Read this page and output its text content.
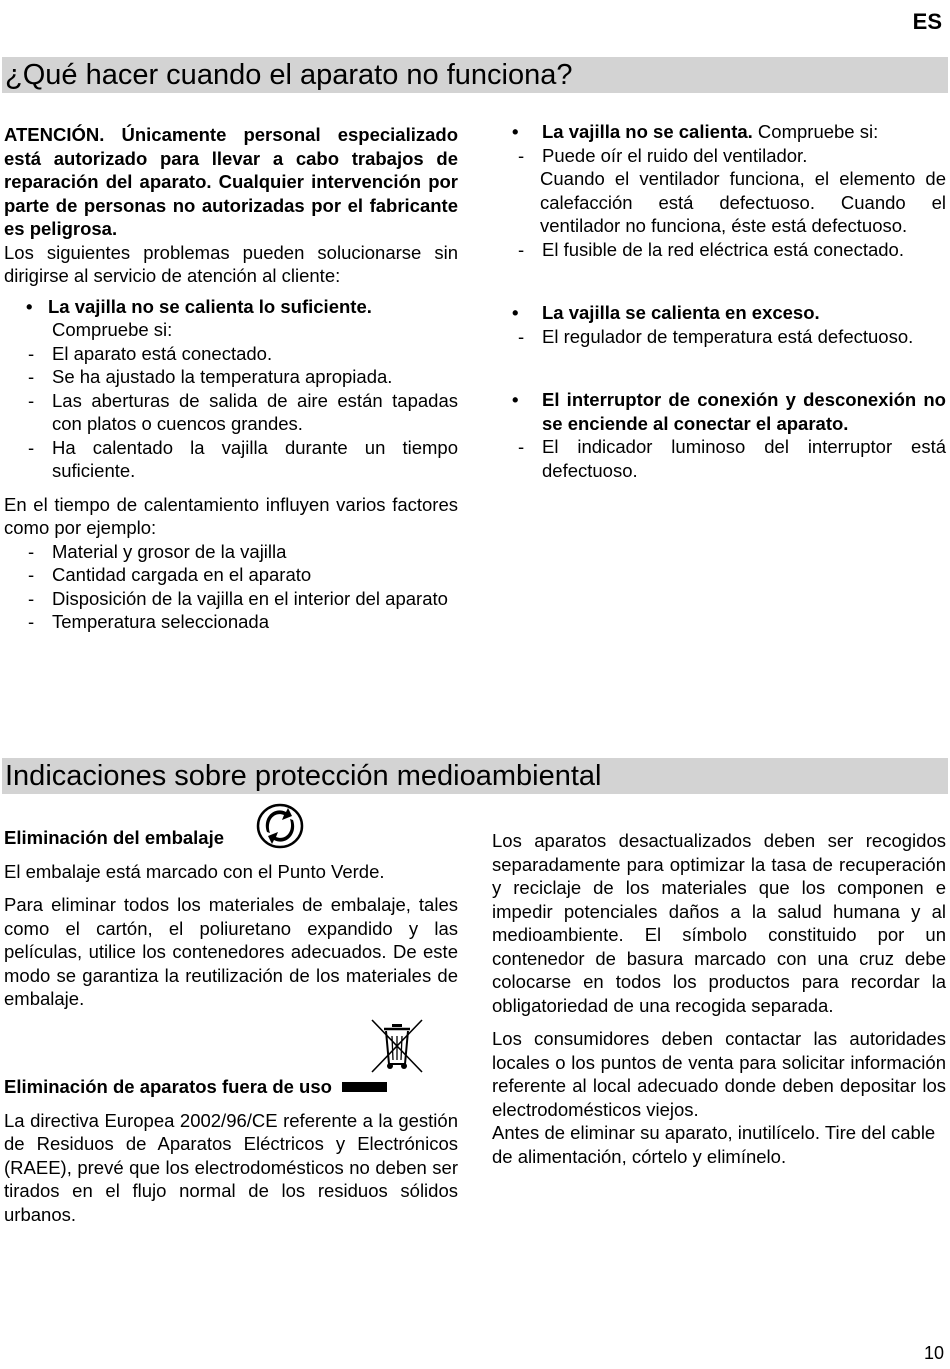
ES
¿Qué hacer cuando el aparato no funciona?

ATENCIÓN. Únicamente personal especializado está autorizado para llevar a cabo trabajos de reparación del aparato. Cualquier intervención por parte de personas no autorizadas por el fabricante es peligrosa.

Los siguientes problemas pueden solucionarse sin dirigirse al servicio de atención al cliente:

• La vajilla no se calienta lo suficiente.
Compruebe si:
- El aparato está conectado.
- Se ha ajustado la temperatura apropiada.
- Las aberturas de salida de aire están tapadas con platos o cuencos grandes.
- Ha calentado la vajilla durante un tiempo suficiente.

En el tiempo de calentamiento influyen varios factores como por ejemplo:

- Material y grosor de la vajilla
- Cantidad cargada en el aparato
- Disposición de la vajilla en el interior del aparato
- Temperatura seleccionada
•	La vajilla no se calienta. Compruebe si:
- Puede oír el ruido del ventilador.
Cuando el ventilador funciona, el elemento de calefacción está defectuoso. Cuando el ventilador no funciona, éste está defectuoso.
- El fusible de la red eléctrica está conectado.
•	La vajilla se calienta en exceso.
- El regulador de temperatura está defectuoso.
•	El interruptor de conexión y desconexión no se enciende al conectar el aparato.
- El indicador luminoso del interruptor está defectuoso.
Indicaciones sobre protección medioambiental
Eliminación del embalaje

El embalaje está marcado con el Punto Verde.

Para eliminar todos los materiales de embalaje, tales como el cartón, el poliuretano expandido y las películas, utilice los contenedores adecuados. De este modo se garantiza la reutilización de los materiales de embalaje.

Eliminación de aparatos fuera de uso

La directiva Europea 2002/96/CE referente a la gestión de Residuos de Aparatos Eléctricos y Electrónicos (RAEE), prevé que los electrodomésticos no deben ser tirados en el flujo normal de los residuos sólidos urbanos.

Los aparatos desactualizados deben ser recogidos separadamente para optimizar la tasa de recuperación y reciclaje de los materiales que los componen e impedir potenciales daños a la salud humana y al medioambiente. El símbolo constituido por un contenedor de basura marcado con una cruz debe colocarse en todos los productos para recordar la obligatoriedad de una recogida separada.

Los consumidores deben contactar las autoridades locales o los puntos de venta para solicitar información referente al local adecuado donde deben depositar los electrodomésticos viejos.

Antes de eliminar su aparato, inutilícelo. Tire del cable de alimentación, córtelo y elimínelo.

10
